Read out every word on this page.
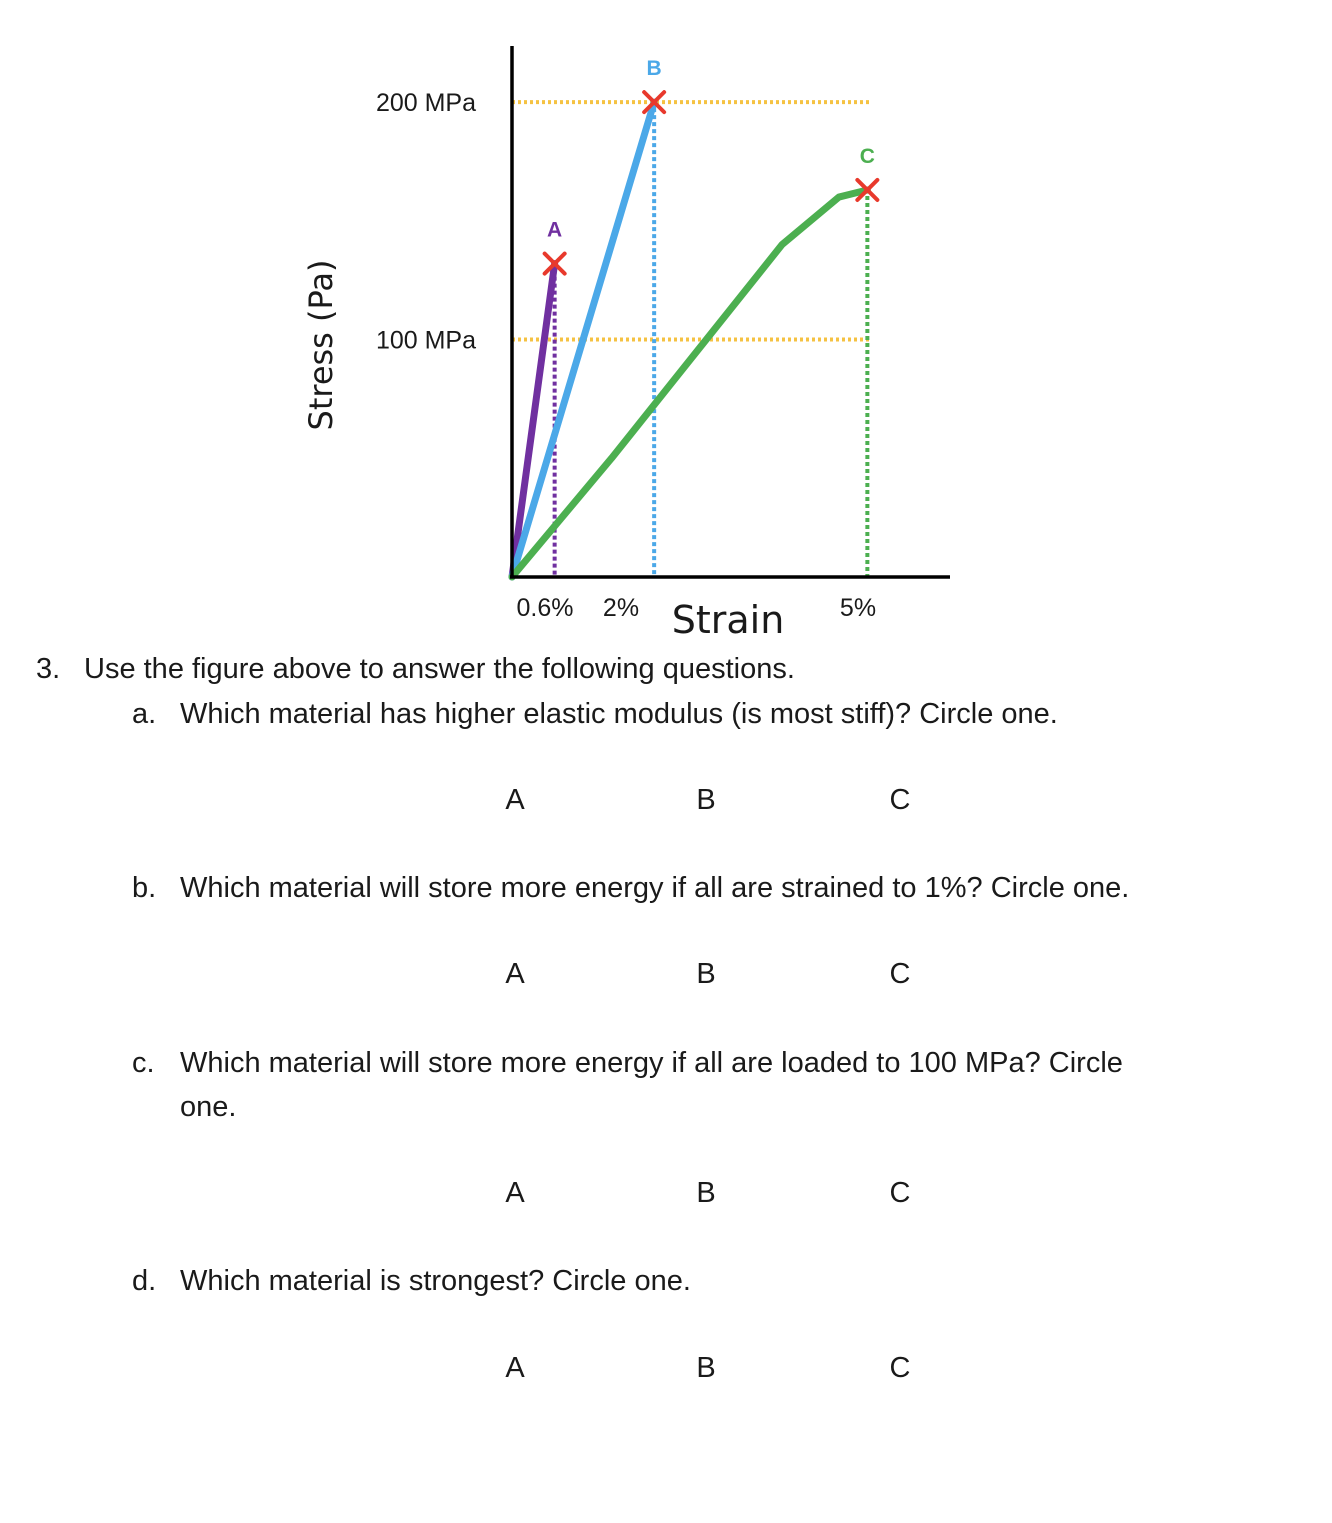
200 MPa
100 MPa
0.6% 2%	5%
A
B
C
Stress (Pa)
Strain
3. Use the figure above to answer the following questions.
a. Which material has higher elastic modulus (is most stiff)? Circle one.
A	B	C
b. Which material will store more energy if all are strained to 1%? Circle one.
A	B	C
c. Which material will store more energy if all are loaded to 100 MPa? Circle
one.
A	B	C
d. Which material is strongest? Circle one.
A	B	C
